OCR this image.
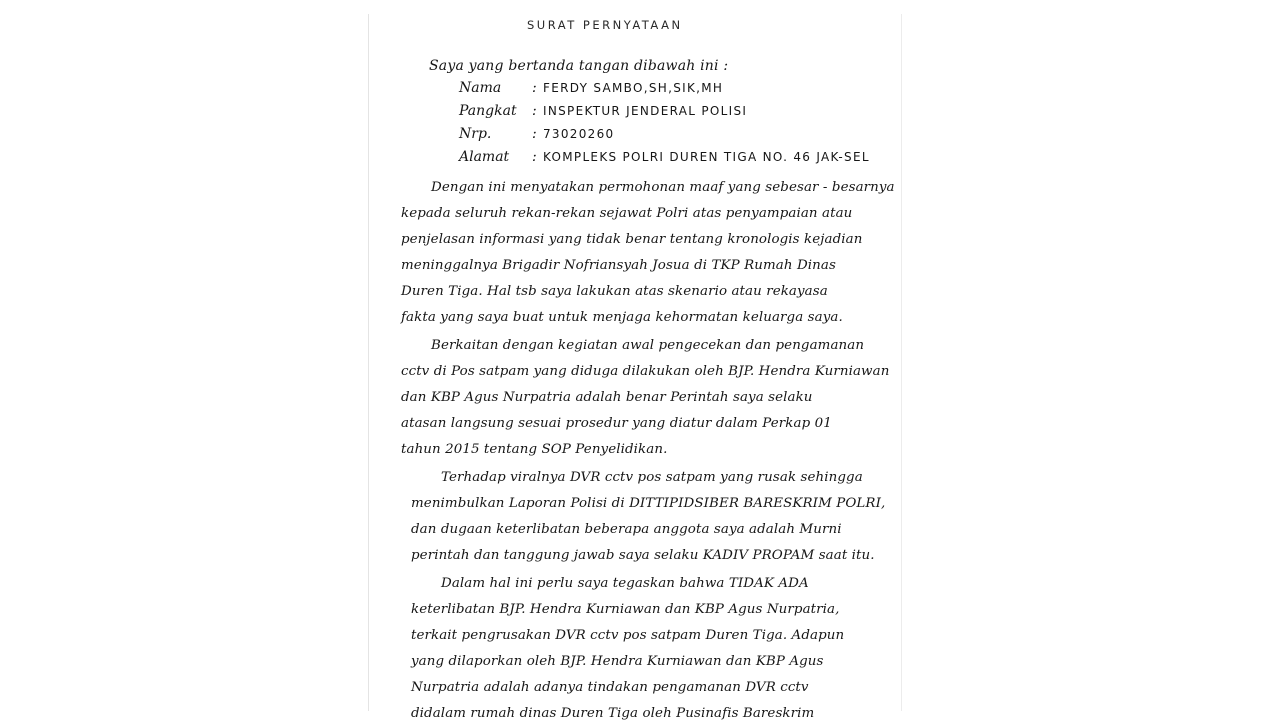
SURAT PERNYATAAN
Saya yang bertanda tangan dibawah ini :
Nama : FERDY SAMBO,SH,SIK,MH
Pangkat : INSPEKTUR JENDERAL POLISI
Nrp.	: 73020260
Alamat : KOMPLEKS POLRI DUREN TIGA NO. 46 JAK-SEL
Dengan ini menyatakan permohonan maaf yang sebesar - besarnya
kepada seluruh rekan-rekan sejawat Polri atas penyampaian atau
penjelasan informasi yang tidak benar tentang kronologis kejadian
meninggalnya Brigadir Nofriansyah Josua di TKP Rumah Dinas
Duren Tiga. Hal tsb saya lakukan atas skenario atau rekayasa
fakta yang saya buat untuk menjaga kehormatan keluarga saya.
Berkaitan dengan kegiatan awal pengecekan dan pengamanan
cctv di Pos satpam yang diduga dilakukan oleh BJP. Hendra Kurniawan
dan KBP Agus Nurpatria adalah benar Perintah saya selaku
atasan langsung sesuai prosedur yang diatur dalam Perkap 01
tahun 2015 tentang SOP Penyelidikan.
Terhadap viralnya DVR cctv pos satpam yang rusak sehingga
menimbulkan Laporan Polisi di DITTIPIDSIBER BARESKRIM POLRI,
dan dugaan keterlibatan beberapa anggota saya adalah Murni
perintah dan tanggung jawab saya selaku KADIV PROPAM saat itu.
Dalam hal ini perlu saya tegaskan bahwa TIDAK ADA
keterlibatan BJP. Hendra Kurniawan dan KBP Agus Nurpatria,
terkait pengrusakan DVR cctv pos satpam Duren Tiga. Adapun
yang dilaporkan oleh BJP. Hendra Kurniawan dan KBP Agus
Nurpatria adalah adanya tindakan pengamanan DVR cctv
didalam rumah dinas Duren Tiga oleh Pusinafis Bareskrim
